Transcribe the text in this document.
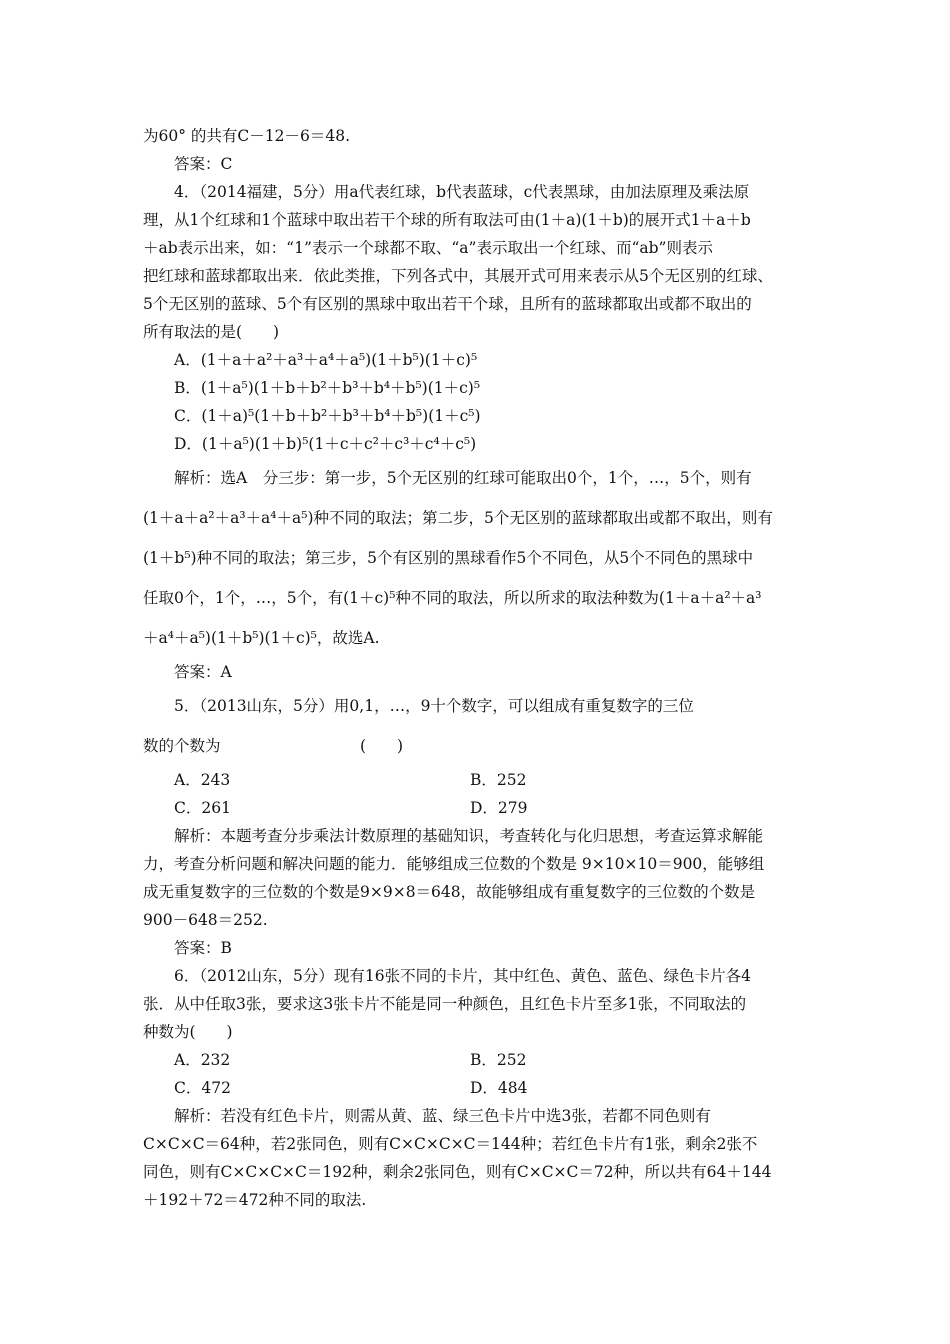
为60° 的共有C－12－6＝48.

答案：C

4．（2014福建，5分）用a代表红球，b代表蓝球，c代表黑球，由加法原理及乘法原

理，从1个红球和1个蓝球中取出若干个球的所有取法可由(1＋a)(1＋b)的展开式1＋a＋b

＋ab表示出来，如：“1”表示一个球都不取、“a”表示取出一个红球、而“ab”则表示

把红球和蓝球都取出来．依此类推，下列各式中，其展开式可用来表示从5个无区别的红球、

5个无区别的蓝球、5个有区别的黑球中取出若干个球，且所有的蓝球都取出或都不取出的

所有取法的是(　　)

A．(1＋a＋a²＋a³＋a⁴＋a⁵)(1＋b⁵)(1＋c)⁵

B．(1＋a⁵)(1＋b＋b²＋b³＋b⁴＋b⁵)(1＋c)⁵

C．(1＋a)⁵(1＋b＋b²＋b³＋b⁴＋b⁵)(1＋c⁵)

D．(1＋a⁵)(1＋b)⁵(1＋c＋c²＋c³＋c⁴＋c⁵)

解析：选A　分三步：第一步，5个无区别的红球可能取出0个，1个，…，5个，则有

(1＋a＋a²＋a³＋a⁴＋a⁵)种不同的取法；第二步，5个无区别的蓝球都取出或都不取出，则有

(1＋b⁵)种不同的取法；第三步，5个有区别的黑球看作5个不同色，从5个不同色的黑球中

任取0个，1个，…，5个，有(1＋c)⁵种不同的取法，所以所求的取法种数为(1＋a＋a²＋a³

＋a⁴＋a⁵)(1＋b⁵)(1＋c)⁵，故选A.

答案：A

5．（2013山东，5分）用0,1，…，9十个数字，可以组成有重复数字的三位

数的个数为　　　　　　　　　(　　)

A．243	B．252
C．261	D．279

解析：本题考查分步乘法计数原理的基础知识，考查转化与化归思想，考查运算求解能

力，考查分析问题和解决问题的能力．能够组成三位数的个数是 9×10×10＝900，能够组

成无重复数字的三位数的个数是9×9×8＝648，故能够组成有重复数字的三位数的个数是

900－648＝252.

答案：B

6．（2012山东，5分）现有16张不同的卡片，其中红色、黄色、蓝色、绿色卡片各4

张．从中任取3张，要求这3张卡片不能是同一种颜色，且红色卡片至多1张，不同取法的

种数为(　　)

A．232	B．252
C．472	D．484

解析：若没有红色卡片，则需从黄、蓝、绿三色卡片中选3张，若都不同色则有

C×C×C＝64种，若2张同色，则有C×C×C×C＝144种；若红色卡片有1张，剩余2张不

同色，则有C×C×C×C＝192种，剩余2张同色，则有C×C×C＝72种，所以共有64＋144

＋192＋72＝472种不同的取法.
